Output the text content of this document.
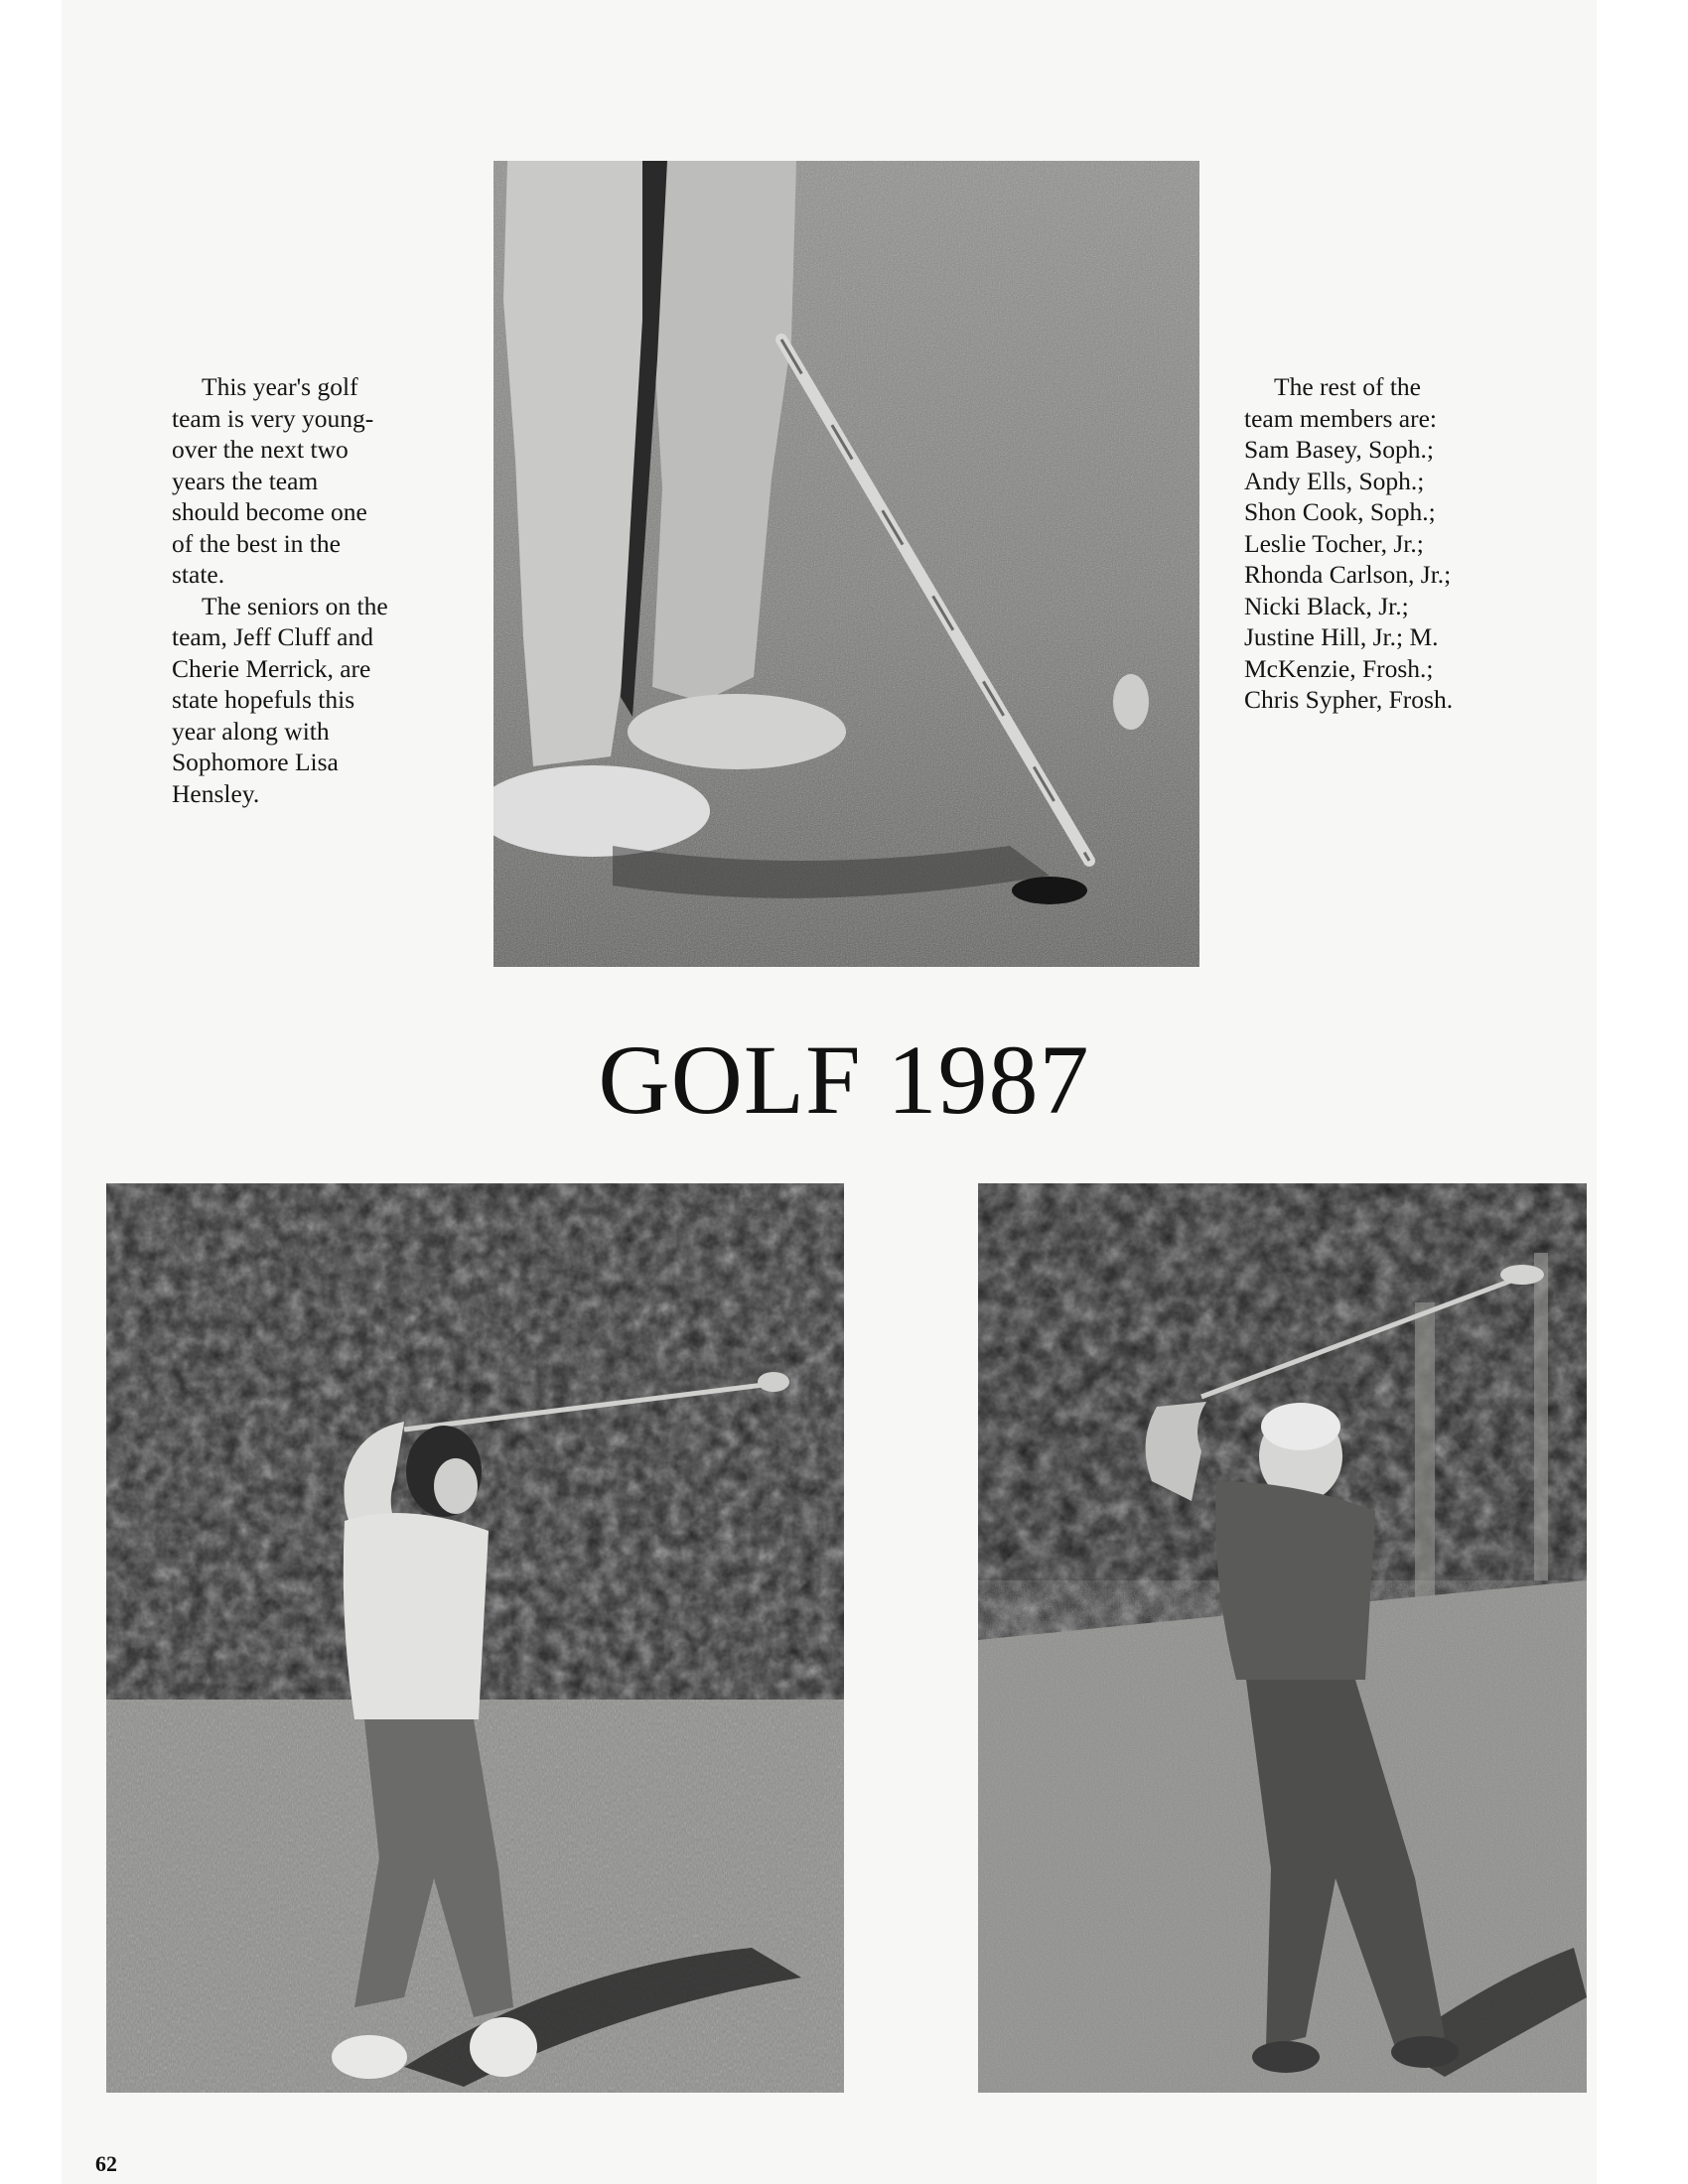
This year's golf
team is very young-
over the next two
years the team
should become one
of the best in the
state.
The seniors on the
team, Jeff Cluff and
Cherie Merrick, are
state hopefuls this
year along with
Sophomore Lisa
Hensley.
The rest of the
team members are:
Sam Basey, Soph.;
Andy Ells, Soph.;
Shon Cook, Soph.;
Leslie Tocher, Jr.;
Rhonda Carlson, Jr.;
Nicki Black, Jr.;
Justine Hill, Jr.; M.
McKenzie, Frosh.;
Chris Sypher, Frosh.
GOLF 1987
62
